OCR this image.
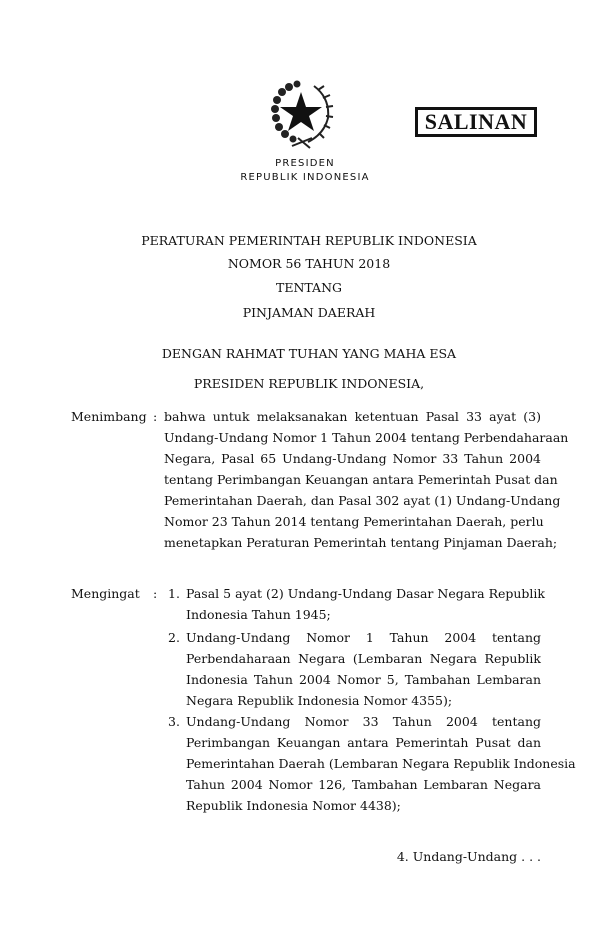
SALINAN
PRESIDEN
REPUBLIK INDONESIA
PERATURAN PEMERINTAH REPUBLIK INDONESIA
NOMOR 56 TAHUN 2018
TENTANG
PINJAMAN DAERAH
DENGAN RAHMAT TUHAN YANG MAHA ESA
PRESIDEN REPUBLIK INDONESIA,
Menimbang : bahwa untuk melaksanakan ketentuan Pasal 33 ayat (3)
Undang-Undang Nomor 1 Tahun 2004 tentang Perbendaharaan
Negara, Pasal 65 Undang-Undang Nomor 33 Tahun 2004
tentang Perimbangan Keuangan antara Pemerintah Pusat dan
Pemerintahan Daerah, dan Pasal 302 ayat (1) Undang-Undang
Nomor 23 Tahun 2014 tentang Pemerintahan Daerah, perlu
menetapkan Peraturan Pemerintah tentang Pinjaman Daerah;
Mengingat : 1. Pasal 5 ayat (2) Undang-Undang Dasar Negara Republik
Indonesia Tahun 1945;
2. Undang-Undang Nomor 1 Tahun 2004 tentang
Perbendaharaan Negara (Lembaran Negara Republik
Indonesia Tahun 2004 Nomor 5, Tambahan Lembaran
Negara Republik Indonesia Nomor 4355);
3. Undang-Undang Nomor 33 Tahun 2004 tentang
Perimbangan Keuangan antara Pemerintah Pusat dan
Pemerintahan Daerah (Lembaran Negara Republik Indonesia
Tahun 2004 Nomor 126, Tambahan Lembaran Negara
Republik Indonesia Nomor 4438);
4. Undang-Undang . . .
